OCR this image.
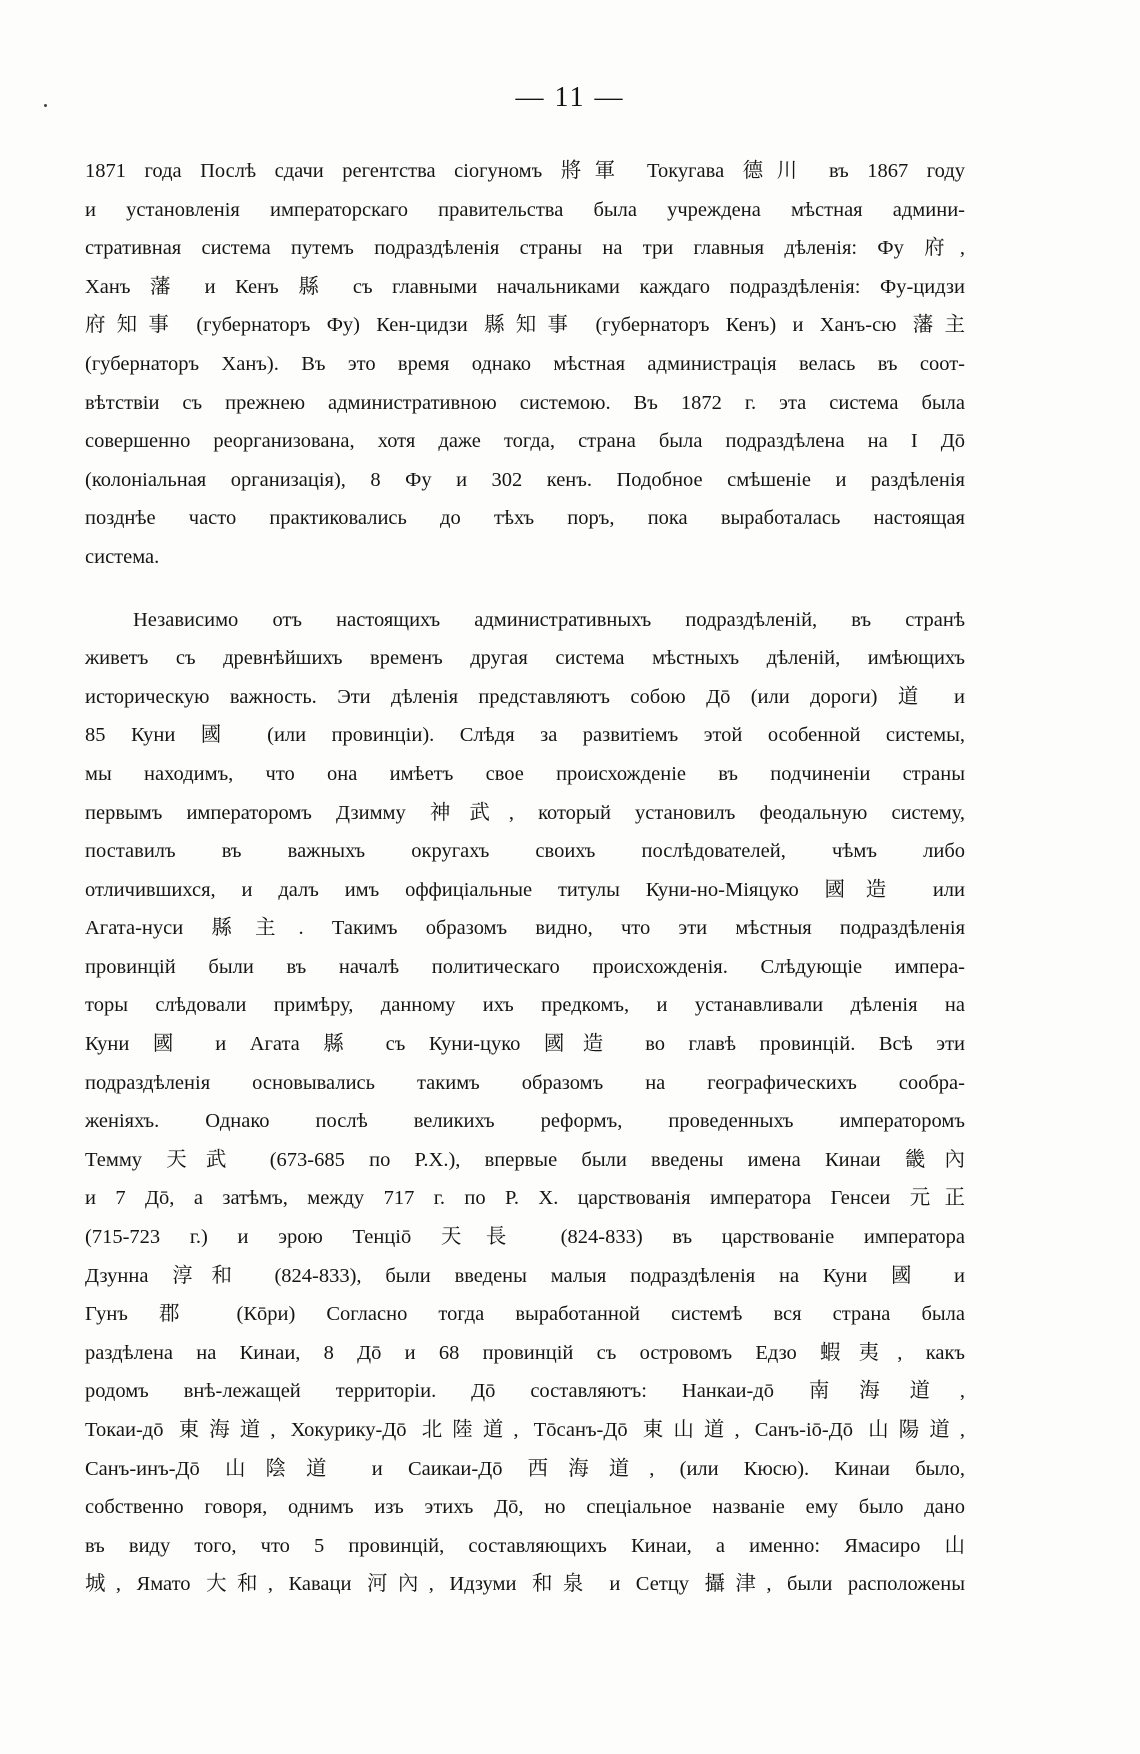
— 11 —
1871 года Послѣ сдачи регентства сіогуномъ 將軍 Токугава 德川 въ 1867 году
и установленія императорскаго правительства была учреждена мѣстная админи-
стративная система путемъ подраздѣленія страны на три главныя дѣленія: Фу 府,
Ханъ 藩 и Кенъ 縣 съ главными начальниками каждаго подраздѣленія: Фу-цидзи
府知事 (губернаторъ Фу) Кен-цидзи 縣知事 (губернаторъ Кенъ) и Ханъ-сю 藩主
(губернаторъ Ханъ). Въ это время однако мѣстная администрація велась въ соот-
вѣтствіи съ прежнею административною системою. Въ 1872 г. эта система была
совершенно реорганизована, хотя даже тогда, страна была подраздѣлена на I Дō
(колоніальная организація), 8 Фу и 302 кенъ. Подобное смѣшеніе и раздѣленія
позднѣе часто практиковались до тѣхъ поръ, пока выработалась настоящая
система.
Независимо отъ настоящихъ административныхъ подраздѣленій, въ странѣ
живетъ съ древнѣйшихъ временъ другая система мѣстныхъ дѣленій, имѣющихъ
историческую важность. Эти дѣленія представляютъ собою Дō (или дороги) 道 и
85 Куни 國 (или провинціи). Слѣдя за развитіемъ этой особенной системы,
мы находимъ, что она имѣетъ свое происхожденіе въ подчиненіи страны
первымъ императоромъ Дзимму 神武, который установилъ феодальную систему,
поставилъ въ важныхъ округахъ своихъ послѣдователей, чѣмъ либо
отличившихся, и далъ имъ оффиціальные титулы Куни-но-Міяцуко 國造 или
Агата-нуси 縣主. Такимъ образомъ видно, что эти мѣстныя подраздѣленія
провинцій были въ началѣ политическаго происхожденія. Слѣдующіе импера-
торы слѣдовали примѣру, данному ихъ предкомъ, и устанавливали дѣленія на
Куни 國 и Агата 縣 съ Куни-цуко 國造 во главѣ провинцій. Всѣ эти
подраздѣленія основывались такимъ образомъ на географическихъ сообра-
женіяхъ. Однако послѣ великихъ реформъ, проведенныхъ императоромъ
Темму 天武 (673-685 по Р.Х.), впервые были введены имена Кинаи 畿內
и 7 Дō, а затѣмъ, между 717 г. по Р. Х. царствованія императора Генсеи 元正
(715-723 г.) и эрою Тенціō 天長 (824-833) въ царствованіе императора
Дзунна 淳和 (824-833), были введены малыя подраздѣленія на Куни 國 и
Гунъ 郡 (Кōри) Согласно тогда выработанной системѣ вся страна была
раздѣлена на Кинаи, 8 Дō и 68 провинцій съ островомъ Едзо 蝦夷, какъ
родомъ внѣ-лежащей территоріи. Дō составляютъ: Нанкаи-дō 南海道,
Токаи-дō 東海道, Хокурику-Дō 北陸道, Тōсанъ-Дō 東山道, Санъ-іō-Дō 山陽道,
Санъ-инъ-Дō 山陰道 и Саикаи-Дō 西海道, (или Кюсю). Кинаи было,
собственно говоря, однимъ изъ этихъ Дō, но спеціальное названіе ему было дано
въ виду того, что 5 провинцій, составляющихъ Кинаи, а именно: Ямасиро 山
城, Ямато 大和, Каваци 河內, Идзуми 和泉 и Сетцу 攝津, были расположены
